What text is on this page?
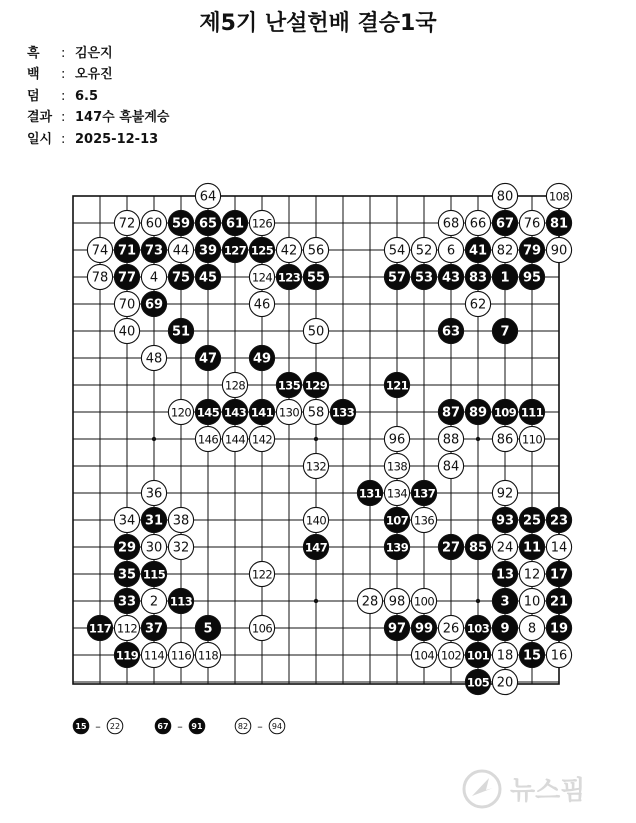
제5기 난설헌배 결승1국
흑 : 김은지
백 : 오유진
덤 : 6.5
결과 : 147수 흑불계승
일시 : 2025-12-13
64	80	108
72 60 59 65 61 126	68 66 67 76 81
74 71 73 44 39 127 125 42 56	54 52 6 41 82 79 90
78 77 4 75 45	124 123 55	57 53 43 83 1 95
70 69	46	62
40	51	50	63	7
48	47	49
128	135 129	121
120 145 143 141 130 58 133	87 89 109 111
146 144 142	96	88	86 110
132	138	84
36	131 134 137	92
34 31 38	140	107 136	93 25 23
29 30 32	147	139	27 85 24 11 14
35 115	122	13 12 17
33 2 113	28 98 100	3 10 21
117 112 37	5	106	97 99 26 103 9 8 19
119 114 116 118	104 102 101 18 15 16
105 20
15	22
–	67	91
–	82	94
–
뉴스핌
